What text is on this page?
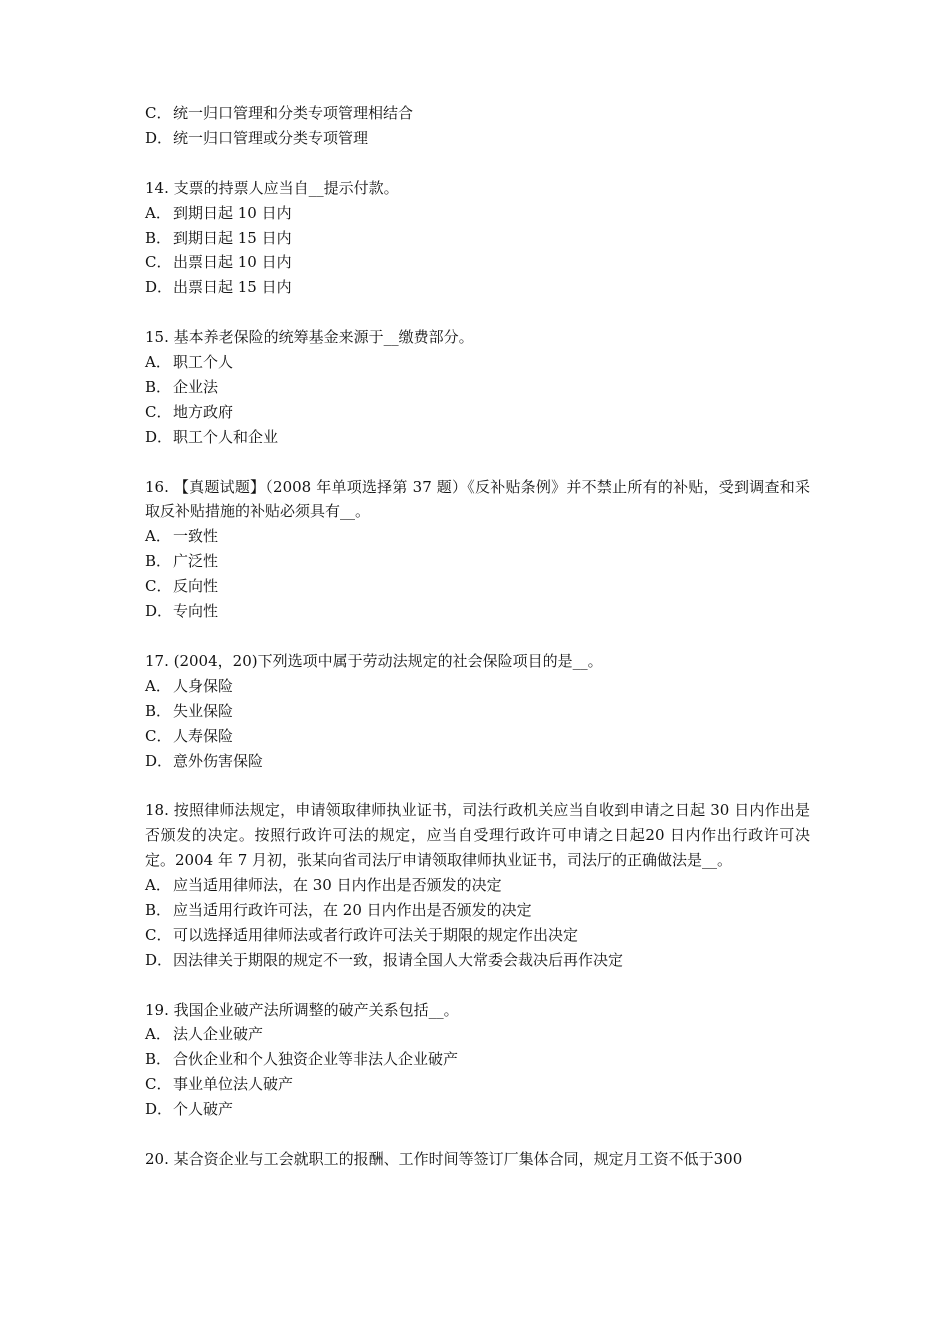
C． 统一归口管理和分类专项管理相结合

D．统一归口管理或分类专项管理

14. 支票的持票人应当自__提示付款。

A． 到期日起 10 日内

B． 到期日起 15 日内

C． 出票日起 10 日内

D．出票日起 15 日内

15. 基本养老保险的统筹基金来源于__缴费部分。

A． 职工个人

B． 企业法

C． 地方政府

D．职工个人和企业

16. 【真题试题】（2008 年单项选择第 37 题）《反补贴条例》并不禁止所有的补贴，受到调查和采取反补贴措施的补贴必须具有__。

A． 一致性

B． 广泛性

C． 反向性

D．专向性

17. (2004，20)下列选项中属于劳动法规定的社会保险项目的是__。

A． 人身保险

B． 失业保险

C． 人寿保险

D．意外伤害保险

18. 按照律师法规定，申请领取律师执业证书，司法行政机关应当自收到申请之日起 30 日内作出是否颁发的决定。按照行政许可法的规定，应当自受理行政许可申请之日起20 日内作出行政许可决定。2004 年 7 月初，张某向省司法厅申请领取律师执业证书，司法厅的正确做法是__。

A． 应当适用律师法，在 30 日内作出是否颁发的决定

B． 应当适用行政许可法，在 20 日内作出是否颁发的决定

C． 可以选择适用律师法或者行政许可法关于期限的规定作出决定

D．因法律关于期限的规定不一致，报请全国人大常委会裁决后再作决定

19. 我国企业破产法所调整的破产关系包括__。

A． 法人企业破产

B． 合伙企业和个人独资企业等非法人企业破产

C． 事业单位法人破产

D．个人破产

20. 某合资企业与工会就职工的报酬、工作时间等签订厂集体合同，规定月工资不低于300
